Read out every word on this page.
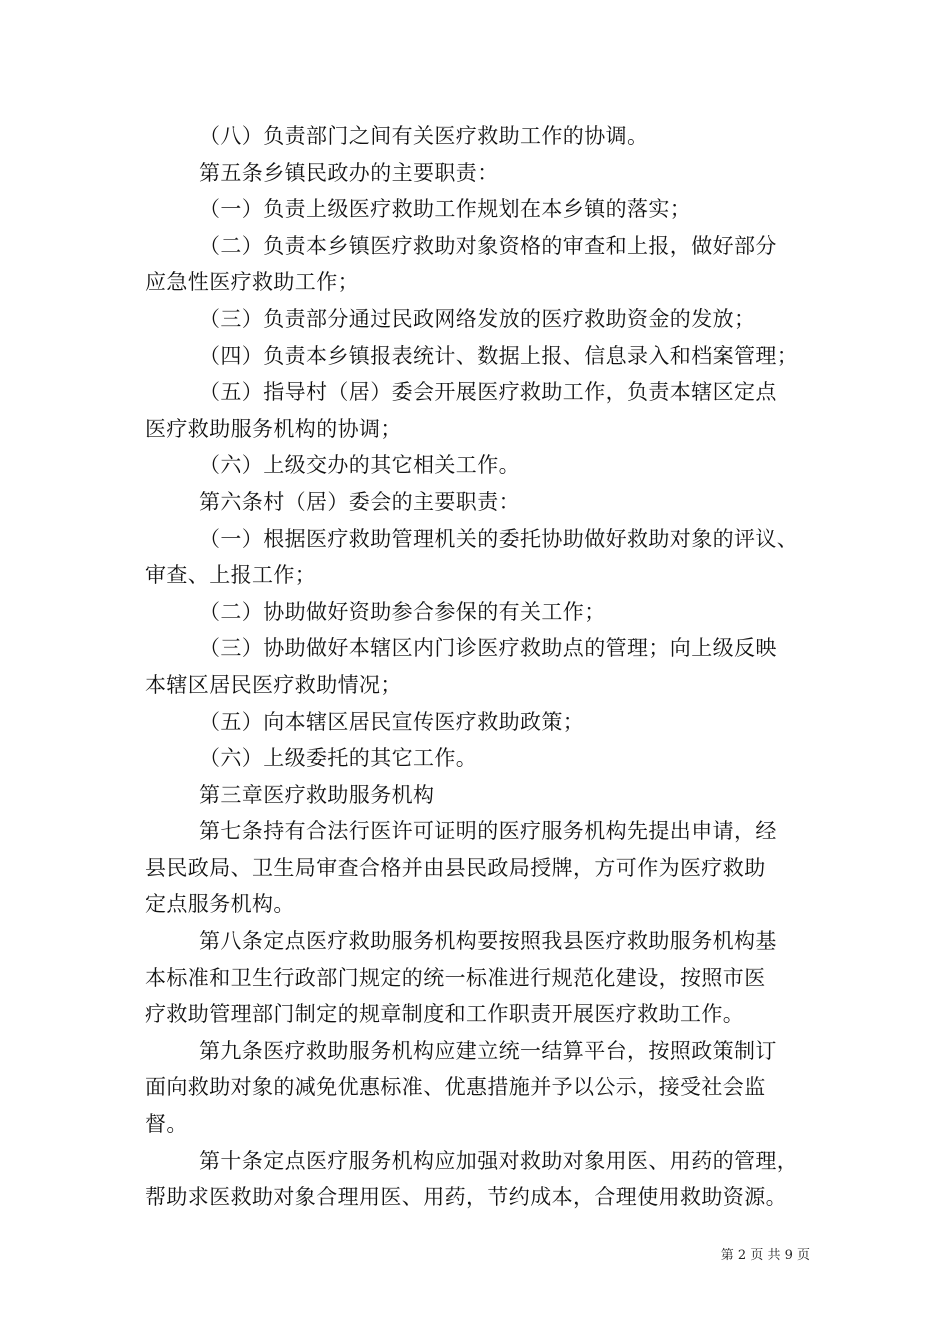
（八）负责部门之间有关医疗救助工作的协调。
第五条乡镇民政办的主要职责：
（一）负责上级医疗救助工作规划在本乡镇的落实；
（二）负责本乡镇医疗救助对象资格的审查和上报，做好部分
应急性医疗救助工作；
（三）负责部分通过民政网络发放的医疗救助资金的发放；
（四）负责本乡镇报表统计、数据上报、信息录入和档案管理；
（五）指导村（居）委会开展医疗救助工作，负责本辖区定点
医疗救助服务机构的协调；
（六）上级交办的其它相关工作。
第六条村（居）委会的主要职责：
（一）根据医疗救助管理机关的委托协助做好救助对象的评议、
审查、上报工作；
（二）协助做好资助参合参保的有关工作；
（三）协助做好本辖区内门诊医疗救助点的管理；向上级反映
本辖区居民医疗救助情况；
（五）向本辖区居民宣传医疗救助政策；
（六）上级委托的其它工作。
第三章医疗救助服务机构
第七条持有合法行医许可证明的医疗服务机构先提出申请，经
县民政局、卫生局审查合格并由县民政局授牌，方可作为医疗救助
定点服务机构。
第八条定点医疗救助服务机构要按照我县医疗救助服务机构基
本标准和卫生行政部门规定的统一标准进行规范化建设，按照市医
疗救助管理部门制定的规章制度和工作职责开展医疗救助工作。
第九条医疗救助服务机构应建立统一结算平台，按照政策制订
面向救助对象的减免优惠标准、优惠措施并予以公示，接受社会监
督。
第十条定点医疗服务机构应加强对救助对象用医、用药的管理，
帮助求医救助对象合理用医、用药，节约成本，合理使用救助资源。
第 2 页 共 9 页
